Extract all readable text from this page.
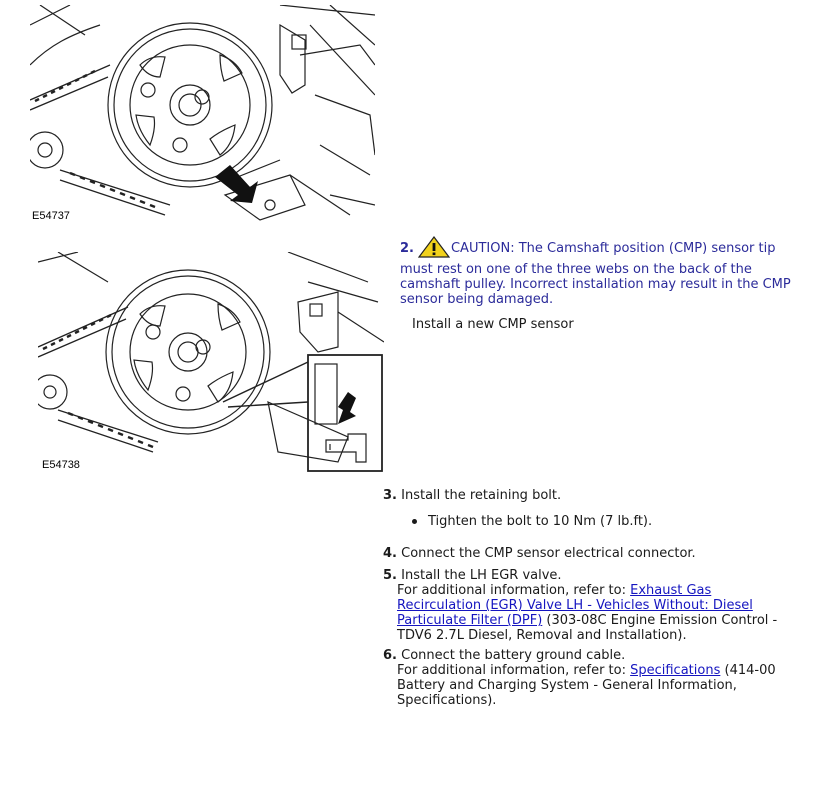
E54737
E54738
2.	CAUTION: The Camshaft position (CMP) sensor tip must rest on one of the three webs on the back of the camshaft pulley. Incorrect installation may result in the CMP sensor being damaged.
Install a new CMP sensor
3. Install the retaining bolt.
Tighten the bolt to 10 Nm (7 lb.ft).
4. Connect the CMP sensor electrical connector.
5. Install the LH EGR valve.
For additional information, refer to: Exhaust Gas Recirculation (EGR) Valve LH - Vehicles Without: Diesel Particulate Filter (DPF) (303-08C Engine Emission Control - TDV6 2.7L Diesel, Removal and Installation).
6. Connect the battery ground cable.
For additional information, refer to: Specifications (414-00 Battery and Charging System - General Information, Specifications).
